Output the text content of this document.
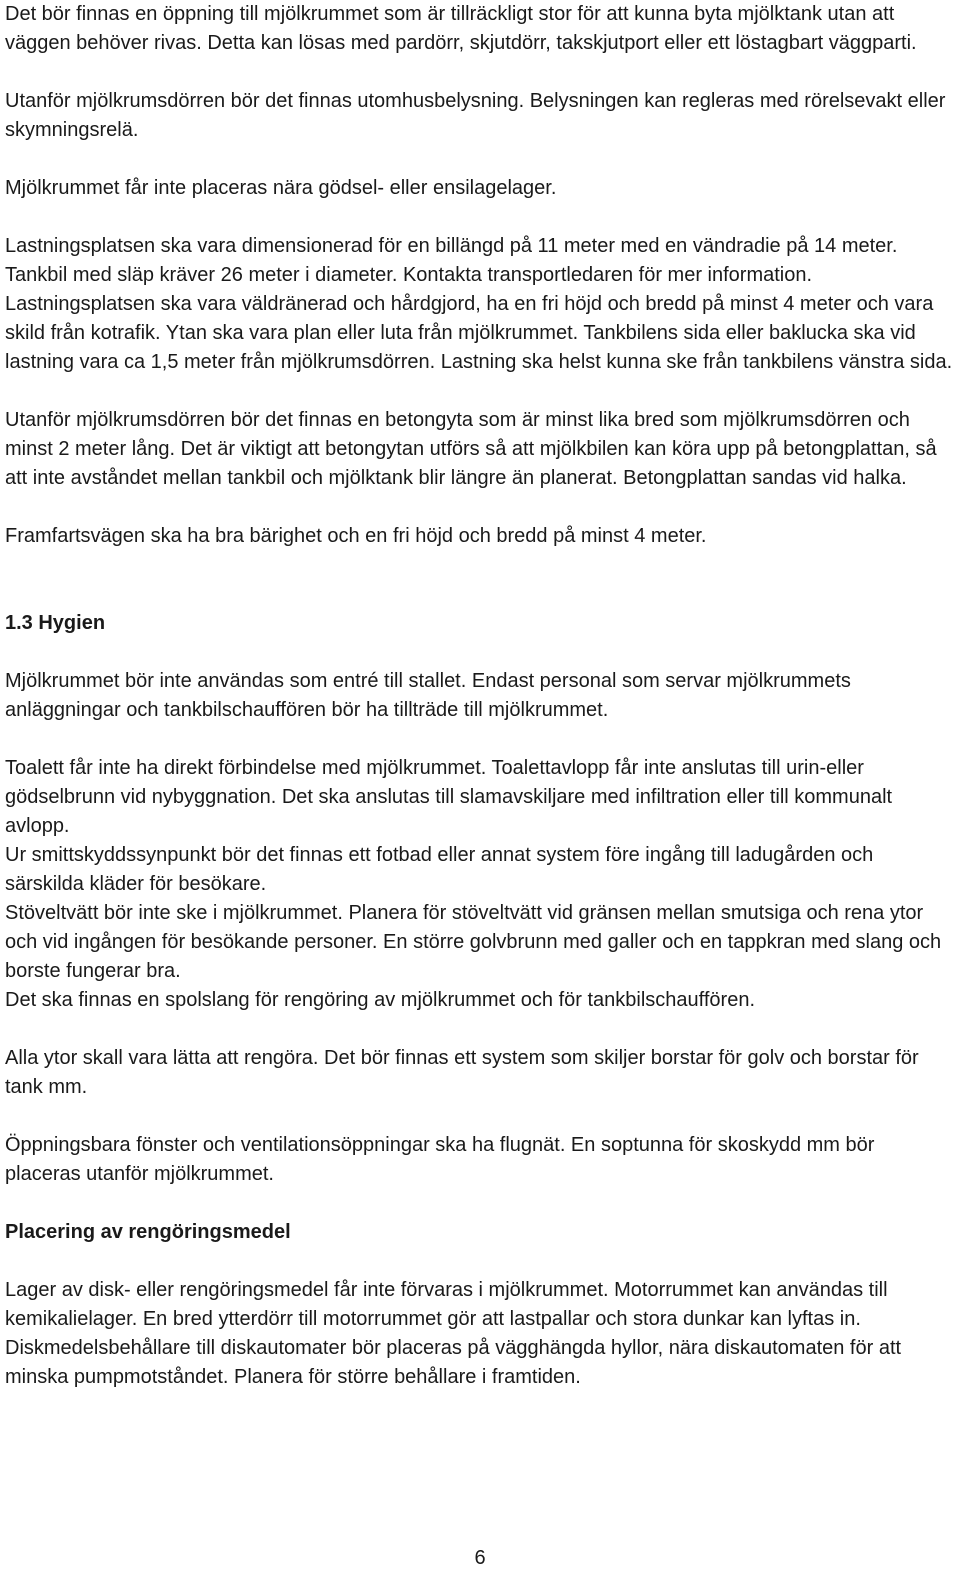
Det bör finnas en öppning till mjölkrummet som är tillräckligt stor för att kunna byta mjölktank utan att väggen behöver rivas. Detta kan lösas med pardörr, skjutdörr, takskjutport eller ett löstagbart väggparti.

Utanför mjölkrumsdörren bör det finnas utomhusbelysning. Belysningen kan regleras med rörelsevakt eller skymningsrelä.

Mjölkrummet får inte placeras nära gödsel- eller ensilagelager.

Lastningsplatsen ska vara dimensionerad för en billängd på 11 meter med en vändradie på 14 meter. Tankbil med släp kräver 26 meter i diameter. Kontakta transportledaren för mer information.

Lastningsplatsen ska vara väldränerad och hårdgjord, ha en fri höjd och bredd på minst 4 meter och vara skild från kotrafik. Ytan ska vara plan eller luta från mjölkrummet. Tankbilens sida eller baklucka ska vid lastning vara ca 1,5 meter från mjölkrumsdörren. Lastning ska helst kunna ske från tankbilens vänstra sida.

Utanför mjölkrumsdörren bör det finnas en betongyta som är minst lika bred som mjölkrumsdörren och minst 2 meter lång. Det är viktigt att betongytan utförs så att mjölkbilen kan köra upp på betongplattan, så att inte avståndet mellan tankbil och mjölktank blir längre än planerat. Betongplattan sandas vid halka.

Framfartsvägen ska ha bra bärighet och en fri höjd och bredd på minst 4 meter.

1.3 Hygien

Mjölkrummet bör inte användas som entré till stallet. Endast personal som servar mjölkrummets anläggningar och tankbilschauffören bör ha tillträde till mjölkrummet.

Toalett får inte ha direkt förbindelse med mjölkrummet. Toalettavlopp får inte anslutas till urin-eller gödselbrunn vid nybyggnation. Det ska anslutas till slamavskiljare med infiltration eller till kommunalt avlopp.

Ur smittskyddssynpunkt bör det finnas ett fotbad eller annat system före ingång till ladugården och särskilda kläder för besökare.

Stöveltvätt bör inte ske i mjölkrummet. Planera för stöveltvätt vid gränsen mellan smutsiga och rena ytor och vid ingången för besökande personer. En större golvbrunn med galler och en tappkran med slang och borste fungerar bra.

Det ska finnas en spolslang för rengöring av mjölkrummet och för tankbilschauffören.

Alla ytor skall vara lätta att rengöra. Det bör finnas ett system som skiljer borstar för golv och borstar för tank mm.

Öppningsbara fönster och ventilationsöppningar ska ha flugnät. En soptunna för skoskydd mm bör placeras utanför mjölkrummet.

Placering av rengöringsmedel

Lager av disk- eller rengöringsmedel får inte förvaras i mjölkrummet. Motorrummet kan användas till kemikalielager. En bred ytterdörr till motorrummet gör att lastpallar och stora dunkar kan lyftas in. Diskmedelsbehållare till diskautomater bör placeras på vägghängda hyllor, nära diskautomaten för att minska pumpmotståndet. Planera för större behållare i framtiden.

6
